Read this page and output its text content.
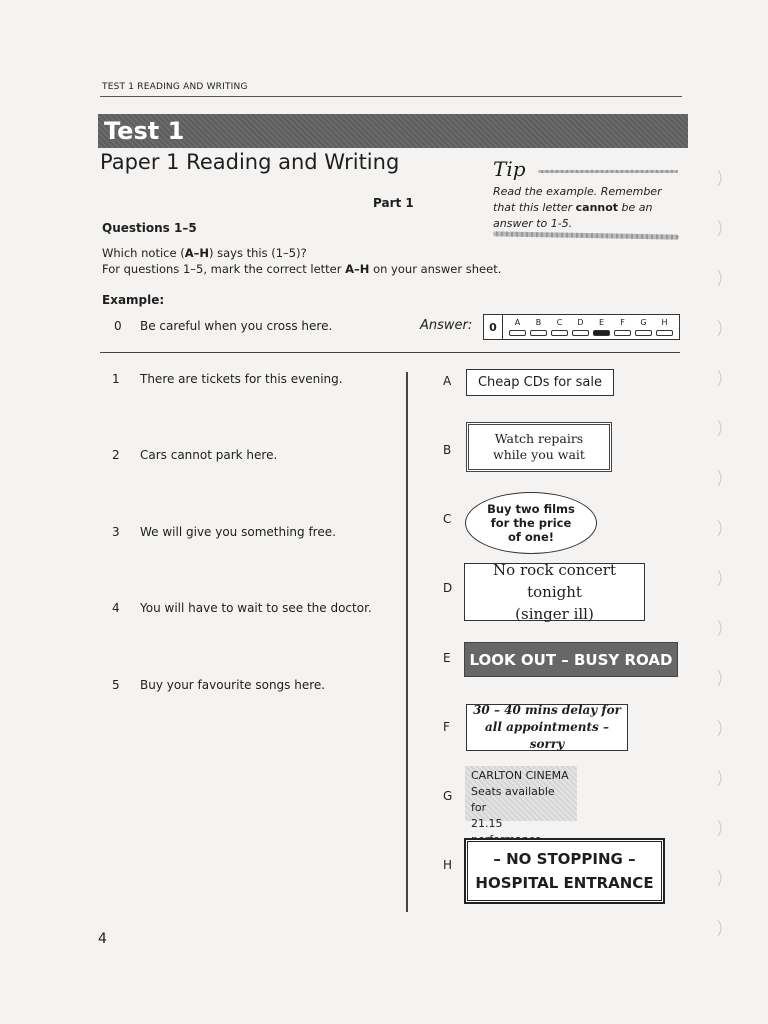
TEST 1 READING AND WRITING
Test 1
Paper 1 Reading and Writing
Part 1
Questions 1–5
Which notice (A–H) says this (1–5)?
For questions 1–5, mark the correct letter A–H on your answer sheet.
Tip
Read the example. Remember that this letter cannot be an answer to 1-5.
Example:
0 Be careful when you cross here.	Answer:	0	A B C D E F G H
1 There are tickets for this evening.
2 Cars cannot park here.
3 We will give you something free.
4 You will have to wait to see the doctor.
5 Buy your favourite songs here.
A
B
C
D
E
F
G
H
Cheap CDs for sale
Watch repairs
while you wait
Buy two films
for the price
of one!
No rock concert tonight
(singer ill)
LOOK OUT – BUSY ROAD
30 – 40 mins delay for
all appointments – sorry
CARLTON CINEMA
Seats available for
21.15
– NO STOPPING –
HOSPITAL ENTRANCE
4
